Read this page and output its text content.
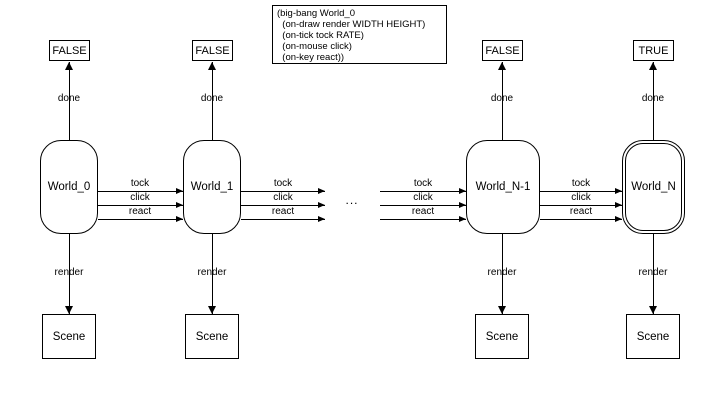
(big-bang World_0
(on-draw render WIDTH HEIGHT)
(on-tick tock RATE)
(on-mouse click)
(on-key react))
FALSE
done
World_0
render
Scene
tock
click
react
FALSE
done
World_1
render
Scene
tock
click
react
...
tock
click
react
FALSE
done
World_N-1
render
Scene
tock
click
react
TRUE
done
World_N
render
Scene
